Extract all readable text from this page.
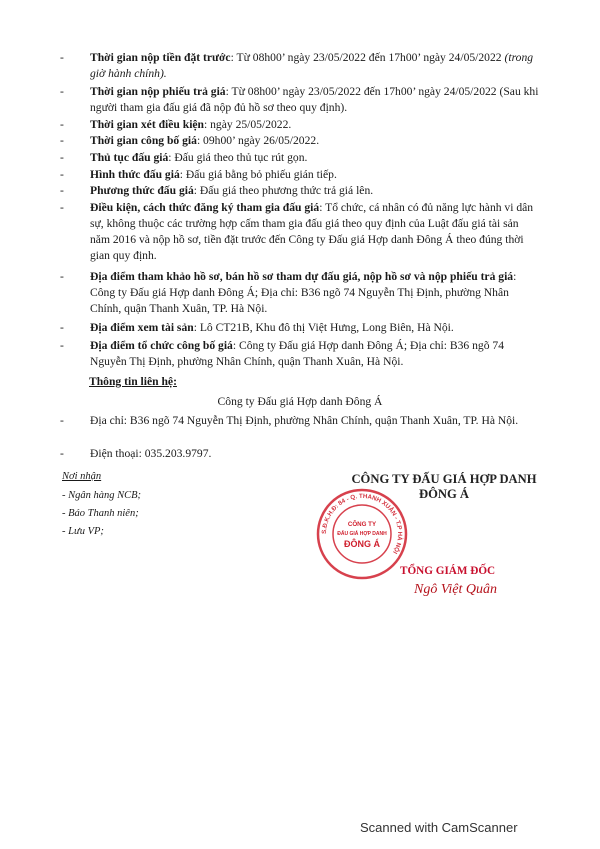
-	Thời gian nộp tiền đặt trước: Từ 08h00’ ngày 23/05/2022 đến 17h00’ ngày 24/05/2022 (trong giờ hành chính).
-	Thời gian nộp phiếu trả giá: Từ 08h00’ ngày 23/05/2022 đến 17h00’ ngày 24/05/2022 (Sau khi người tham gia đấu giá đã nộp đủ hồ sơ theo quy định).
-	Thời gian xét điều kiện: ngày 25/05/2022.
-	Thời gian công bố giá: 09h00’ ngày 26/05/2022.
-	Thủ tục đấu giá: Đấu giá theo thủ tục rút gọn.
-	Hình thức đấu giá: Đấu giá bằng bỏ phiếu gián tiếp.
-	Phương thức đấu giá: Đấu giá theo phương thức trả giá lên.
-	Điều kiện, cách thức đăng ký tham gia đấu giá: Tổ chức, cá nhân có đủ năng lực hành vi dân sự, không thuộc các trường hợp cấm tham gia đấu giá theo quy định của Luật đấu giá tài sản năm 2016 và nộp hồ sơ, tiền đặt trước đến Công ty Đấu giá Hợp danh Đông Á theo đúng thời gian quy định.
-	Địa điểm tham khảo hồ sơ, bán hồ sơ tham dự đấu giá, nộp hồ sơ và nộp phiếu trả giá: Công ty Đấu giá Hợp danh Đông Á; Địa chỉ: B36 ngõ 74 Nguyễn Thị Định, phường Nhân Chính, quận Thanh Xuân, TP. Hà Nội.
-	Địa điểm xem tài sản: Lô CT21B, Khu đô thị Việt Hưng, Long Biên, Hà Nội.
-	Địa điểm tổ chức công bố giá: Công ty Đấu giá Hợp danh Đông Á; Địa chỉ: B36 ngõ 74 Nguyễn Thị Định, phường Nhân Chính, quận Thanh Xuân, Hà Nội.
Thông tin liên hệ:
Công ty Đấu giá Hợp danh Đông Á
-	Địa chỉ: B36 ngõ 74 Nguyễn Thị Định, phường Nhân Chính, quận Thanh Xuân, TP. Hà Nội.
-	Điện thoại: 035.203.9797.
Nơi nhận
- Ngân hàng NCB;
- Báo Thanh niên;
- Lưu VP;
CÔNG TY ĐẤU GIÁ HỢP DANH
ĐÔNG Á
S.Đ.K.H.Đ: 84 - Q. THANH XUÂN - T.P HÀ NỘI
CÔNG TY
ĐẤU GIÁ HỢP DANH
ĐÔNG Á
TỔNG GIÁM ĐỐC
Ngô Việt Quân
Scanned with CamScanner
